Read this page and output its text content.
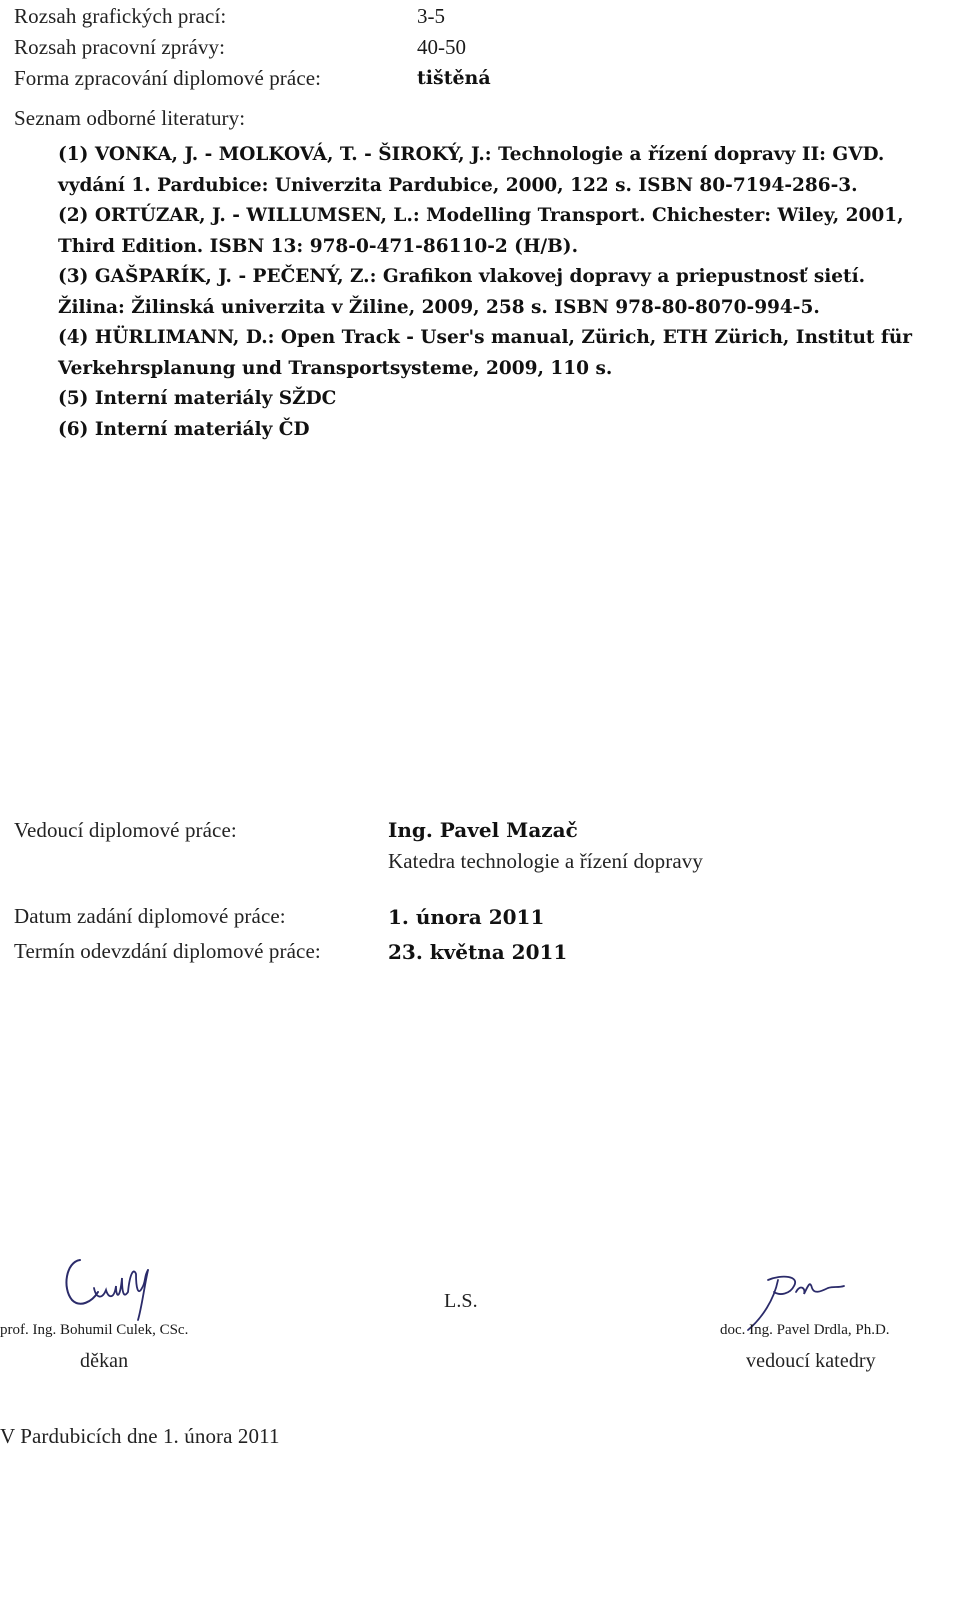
Rozsah grafických prací:	3-5
Rozsah pracovní zprávy:	40-50
Forma zpracování diplomové práce:	tištěná
Seznam odborné literatury:

(1) VONKA, J. - MOLKOVÁ, T. - ŠIROKÝ, J.: Technologie a řízení dopravy II: GVD. vydání 1. Pardubice: Univerzita Pardubice, 2000, 122 s. ISBN 80-7194-286-3.

(2) ORTÚZAR, J. - WILLUMSEN, L.: Modelling Transport. Chichester: Wiley, 2001, Third Edition. ISBN 13: 978-0-471-86110-2 (H/B).

(3) GAŠPARÍK, J. - PEČENÝ, Z.: Grafikon vlakovej dopravy a priepustnosť sietí. Žilina: Žilinská univerzita v Žiline, 2009, 258 s. ISBN 978-80-8070-994-5.

(4) HÜRLIMANN, D.: Open Track - User's manual, Zürich, ETH Zürich, Institut für Verkehrsplanung und Transportsysteme, 2009, 110 s.

(5) Interní materiály SŽDC

(6) Interní materiály ČD

Vedoucí diplomové práce:	Ing. Pavel Mazač
Katedra technologie a řízení dopravy
Datum zadání diplomové práce:	1. února 2011
Termín odevzdání diplomové práce:	23. května 2011
prof. Ing. Bohumil Culek, CSc.
děkan
L.S.
doc. Ing. Pavel Drdla, Ph.D.
vedoucí katedry
V Pardubicích dne 1. února 2011
